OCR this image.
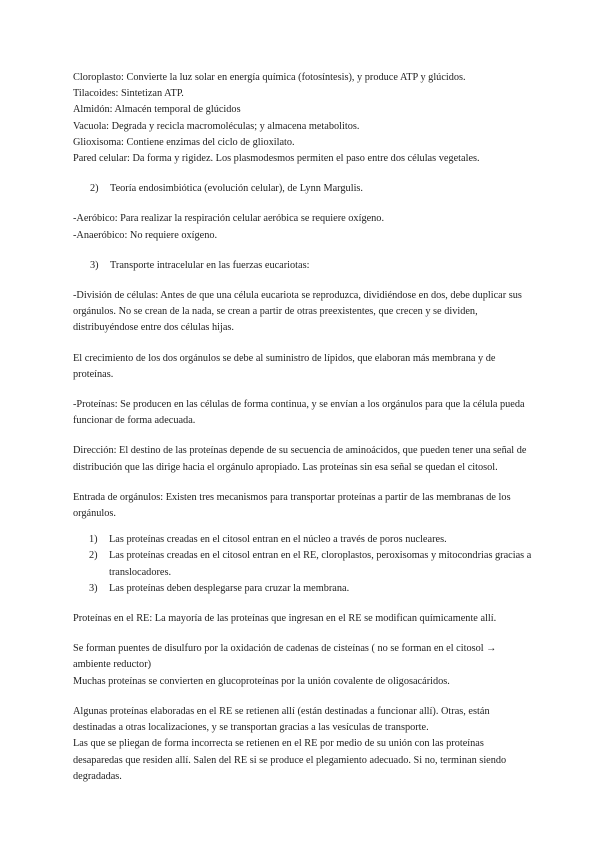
Cloroplasto: Convierte la luz solar en energía química (fotosíntesis), y produce ATP y glúcidos.

Tilacoides: Sintetizan ATP.

Almidón: Almacén temporal de glúcidos

Vacuola: Degrada y recicla macromoléculas; y almacena metabolitos.

Glioxisoma: Contiene enzimas del ciclo de glioxilato.

Pared celular: Da forma y rigidez. Los plasmodesmos permiten el paso entre dos células vegetales.

2)	Teoría endosimbiótica (evolución celular), de Lynn Margulis.

-Aeróbico: Para realizar la respiración celular aeróbica se requiere oxígeno.

-Anaeróbico: No requiere oxígeno.

3)	Transporte intracelular en las fuerzas eucariotas:

-División de células: Antes de que una célula eucariota se reproduzca, dividiéndose en dos, debe duplicar sus orgánulos. No se crean de la nada, se crean a partir de otras preexistentes, que crecen y se dividen, distribuyéndose entre dos células hijas.

El crecimiento de los dos orgánulos se debe al suministro de lípidos, que elaboran más membrana y de proteínas.

-Proteínas: Se producen en las células de forma continua, y se envían a los orgánulos para que la célula pueda funcionar de forma adecuada.

Dirección: El destino de las proteínas depende de su secuencia de aminoácidos, que pueden tener una señal de distribución que las dirige hacia el orgánulo apropiado. Las proteínas sin esa señal se quedan el citosol.

Entrada de orgánulos: Existen tres mecanismos para transportar proteínas a partir de las membranas de los orgánulos.

1)	Las proteínas creadas en el citosol entran en el núcleo a través de poros nucleares.
2)	Las proteínas creadas en el citosol entran en el RE, cloroplastos, peroxisomas y mitocondrias gracias a translocadores.
3)	Las proteínas deben desplegarse para cruzar la membrana.

Proteínas en el RE: La mayoría de las proteínas que ingresan en el RE se modifican químicamente allí.

Se forman puentes de disulfuro por la oxidación de cadenas de cisteínas ( no se forman en el citosol → ambiente reductor)

Muchas proteínas se convierten en glucoproteínas por la unión covalente de oligosacáridos.

Algunas proteínas elaboradas en el RE se retienen allí (están destinadas a funcionar allí). Otras, están destinadas a otras localizaciones, y se transportan gracias a las vesículas de transporte.

Las que se pliegan de forma incorrecta se retienen en el RE por medio de su unión con las proteínas desaparedas que residen allí. Salen del RE si se produce el plegamiento adecuado. Si no, terminan siendo degradadas.
